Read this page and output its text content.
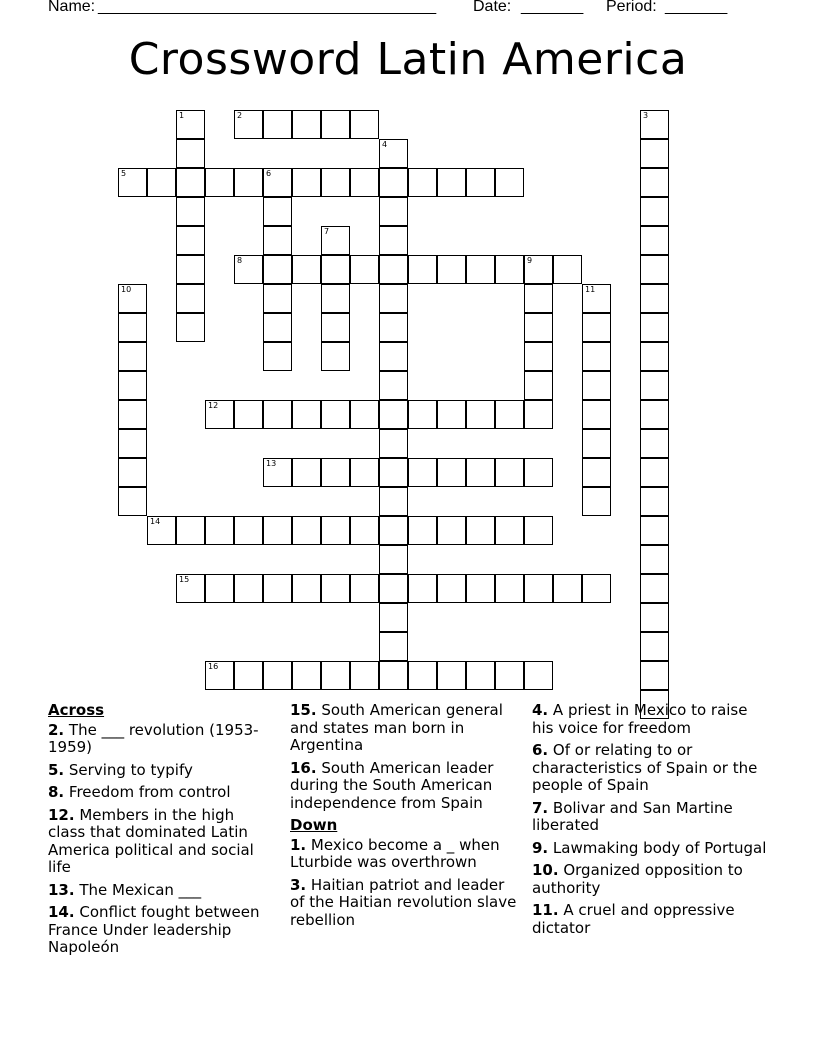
Name: ______________________________________ Date: _______ Period: _______
Crossword Latin America
1	2	3
4
5	6
7
8	9
10	11
12
13
14
15
16
Across
2. The ___ revolution (1953-1959)
5. Serving to typify
8. Freedom from control
12. Members in the high class that dominated Latin America political and social life
13. The Mexican ___
14. Conflict fought between France Under leadership Napoleón
15. South American general and states man born in Argentina
16. South American leader during the South American independence from Spain
Down
1. Mexico become a _ when Lturbide was overthrown
3. Haitian patriot and leader of the Haitian revolution slave rebellion
4. A priest in Mexico to raise his voice for freedom
6. Of or relating to or characteristics of Spain or the people of Spain
7. Bolivar and San Martine liberated
9. Lawmaking body of Portugal
10. Organized opposition to authority
11. A cruel and oppressive dictator
